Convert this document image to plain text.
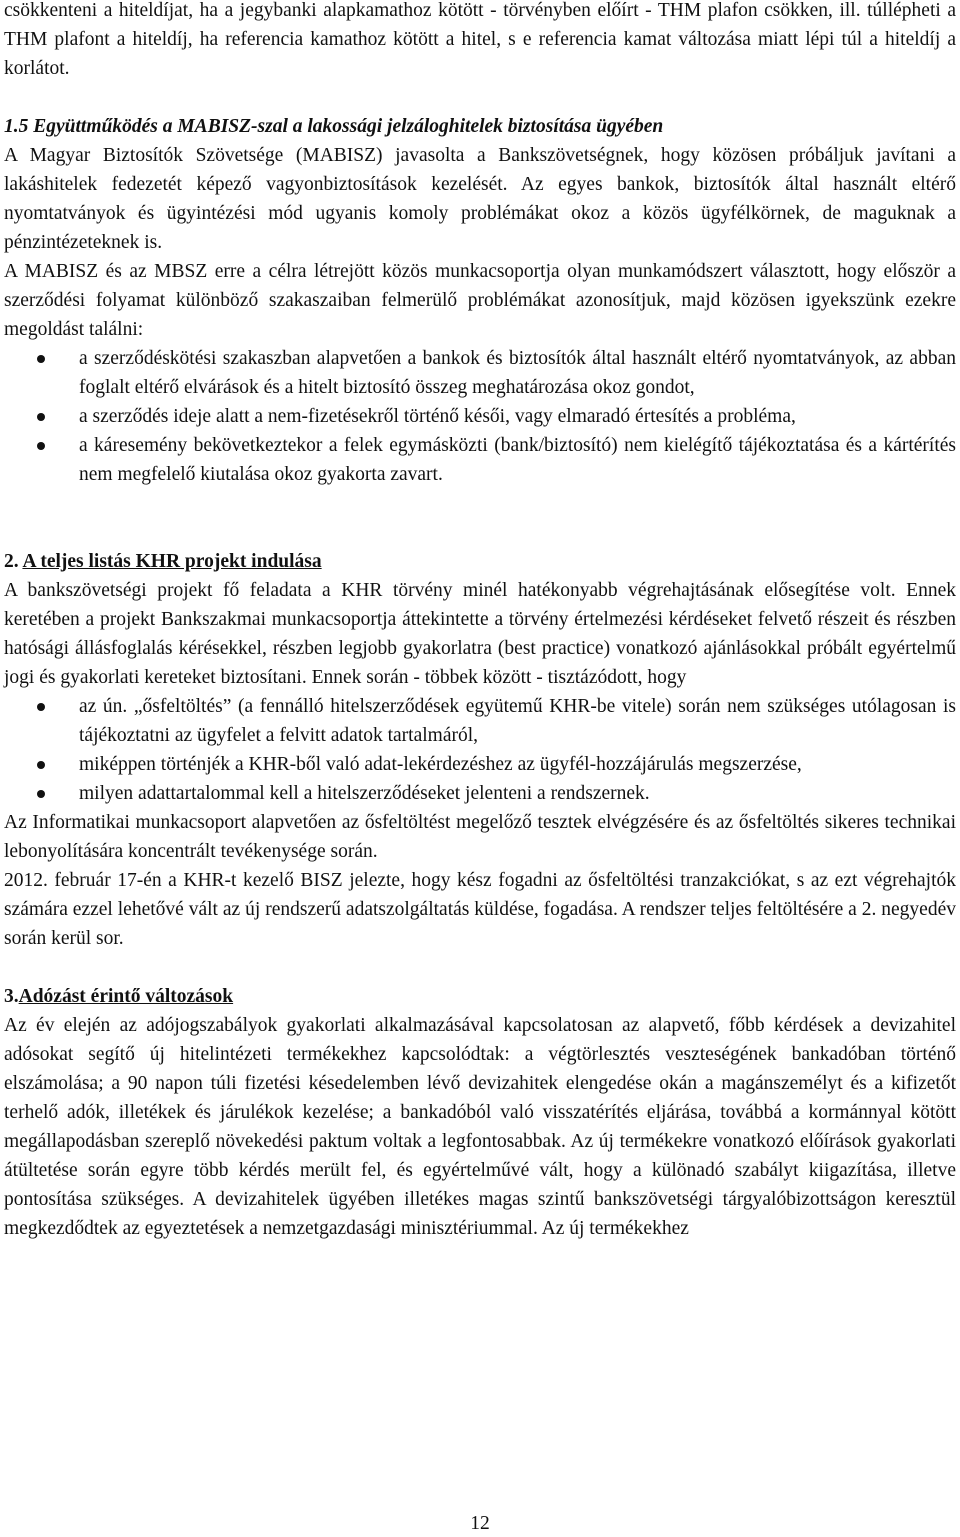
csökkenteni a hiteldíjat, ha a jegybanki alapkamathoz kötött - törvényben előírt - THM plafon csökken, ill. túllépheti a THM plafont a hiteldíj, ha referencia kamathoz kötött a hitel, s e referencia kamat változása miatt lépi túl a hiteldíj a korlátot.

1.5 Együttműködés a MABISZ-szal a lakossági jelzáloghitelek biztosítása ügyében

A Magyar Biztosítók Szövetsége (MABISZ) javasolta a Bankszövetségnek, hogy közösen próbáljuk javítani a lakáshitelek fedezetét képező vagyonbiztosítások kezelését. Az egyes bankok, biztosítók által használt eltérő nyomtatványok és ügyintézési mód ugyanis komoly problémákat okoz a közös ügyfélkörnek, de maguknak a pénzintézeteknek is.

A MABISZ és az MBSZ erre a célra létrejött közös munkacsoportja olyan munkamódszert választott, hogy először a szerződési folyamat különböző szakaszaiban felmerülő problémákat azonosítjuk, majd közösen igyekszünk ezekre megoldást találni:

a szerződéskötési szakaszban alapvetően a bankok és biztosítók által használt eltérő nyomtatványok, az abban foglalt eltérő elvárások és a hitelt biztosító összeg meghatározása okoz gondot,
a szerződés ideje alatt a nem-fizetésekről történő késői, vagy elmaradó értesítés a probléma,
a káresemény bekövetkeztekor a felek egymásközti (bank/biztosító) nem kielégítő tájékoztatása és a kártérítés nem megfelelő kiutalása okoz gyakorta zavart.
2. A teljes listás KHR projekt indulása

A bankszövetségi projekt fő feladata a KHR törvény minél hatékonyabb végrehajtásának elősegítése volt. Ennek keretében a projekt Bankszakmai munkacsoportja áttekintette a törvény értelmezési kérdéseket felvető részeit és részben hatósági állásfoglalás kérésekkel, részben legjobb gyakorlatra (best practice) vonatkozó ajánlásokkal próbált egyértelmű jogi és gyakorlati kereteket biztosítani. Ennek során - többek között - tisztázódott, hogy

az ún. „ősfeltöltés” (a fennálló hitelszerződések együtemű KHR-be vitele) során nem szükséges utólagosan is tájékoztatni az ügyfelet a felvitt adatok tartalmáról,
miképpen történjék a KHR-ből való adat-lekérdezéshez az ügyfél-hozzájárulás megszerzése,
milyen adattartalommal kell a hitelszerződéseket jelenteni a rendszernek.

Az Informatikai munkacsoport alapvetően az ősfeltöltést megelőző tesztek elvégzésére és az ősfeltöltés sikeres technikai lebonyolítására koncentrált tevékenysége során.

2012. február 17-én a KHR-t kezelő BISZ jelezte, hogy kész fogadni az ősfeltöltési tranzakciókat, s az ezt végrehajtók számára ezzel lehetővé vált az új rendszerű adatszolgáltatás küldése, fogadása. A rendszer teljes feltöltésére a 2. negyedév során kerül sor.

3.Adózást érintő változások

Az év elején az adójogszabályok gyakorlati alkalmazásával kapcsolatosan az alapvető, főbb kérdések a devizahitel adósokat segítő új hitelintézeti termékekhez kapcsolódtak: a végtörlesztés veszteségének bankadóban történő elszámolása; a 90 napon túli fizetési késedelemben lévő devizahitek elengedése okán a magánszemélyt és a kifizetőt terhelő adók, illetékek és járulékok kezelése; a bankadóból való visszatérítés eljárása, továbbá a kormánnyal kötött megállapodásban szereplő növekedési paktum voltak a legfontosabbak. Az új termékekre vonatkozó előírások gyakorlati átültetése során egyre több kérdés merült fel, és egyértelművé vált, hogy a különadó szabályt kiigazítása, illetve pontosítása szükséges. A devizahitelek ügyében illetékes magas szintű bankszövetségi tárgyalóbizottságon keresztül megkezdődtek az egyeztetések a nemzetgazdasági minisztériummal. Az új termékekhez

12
